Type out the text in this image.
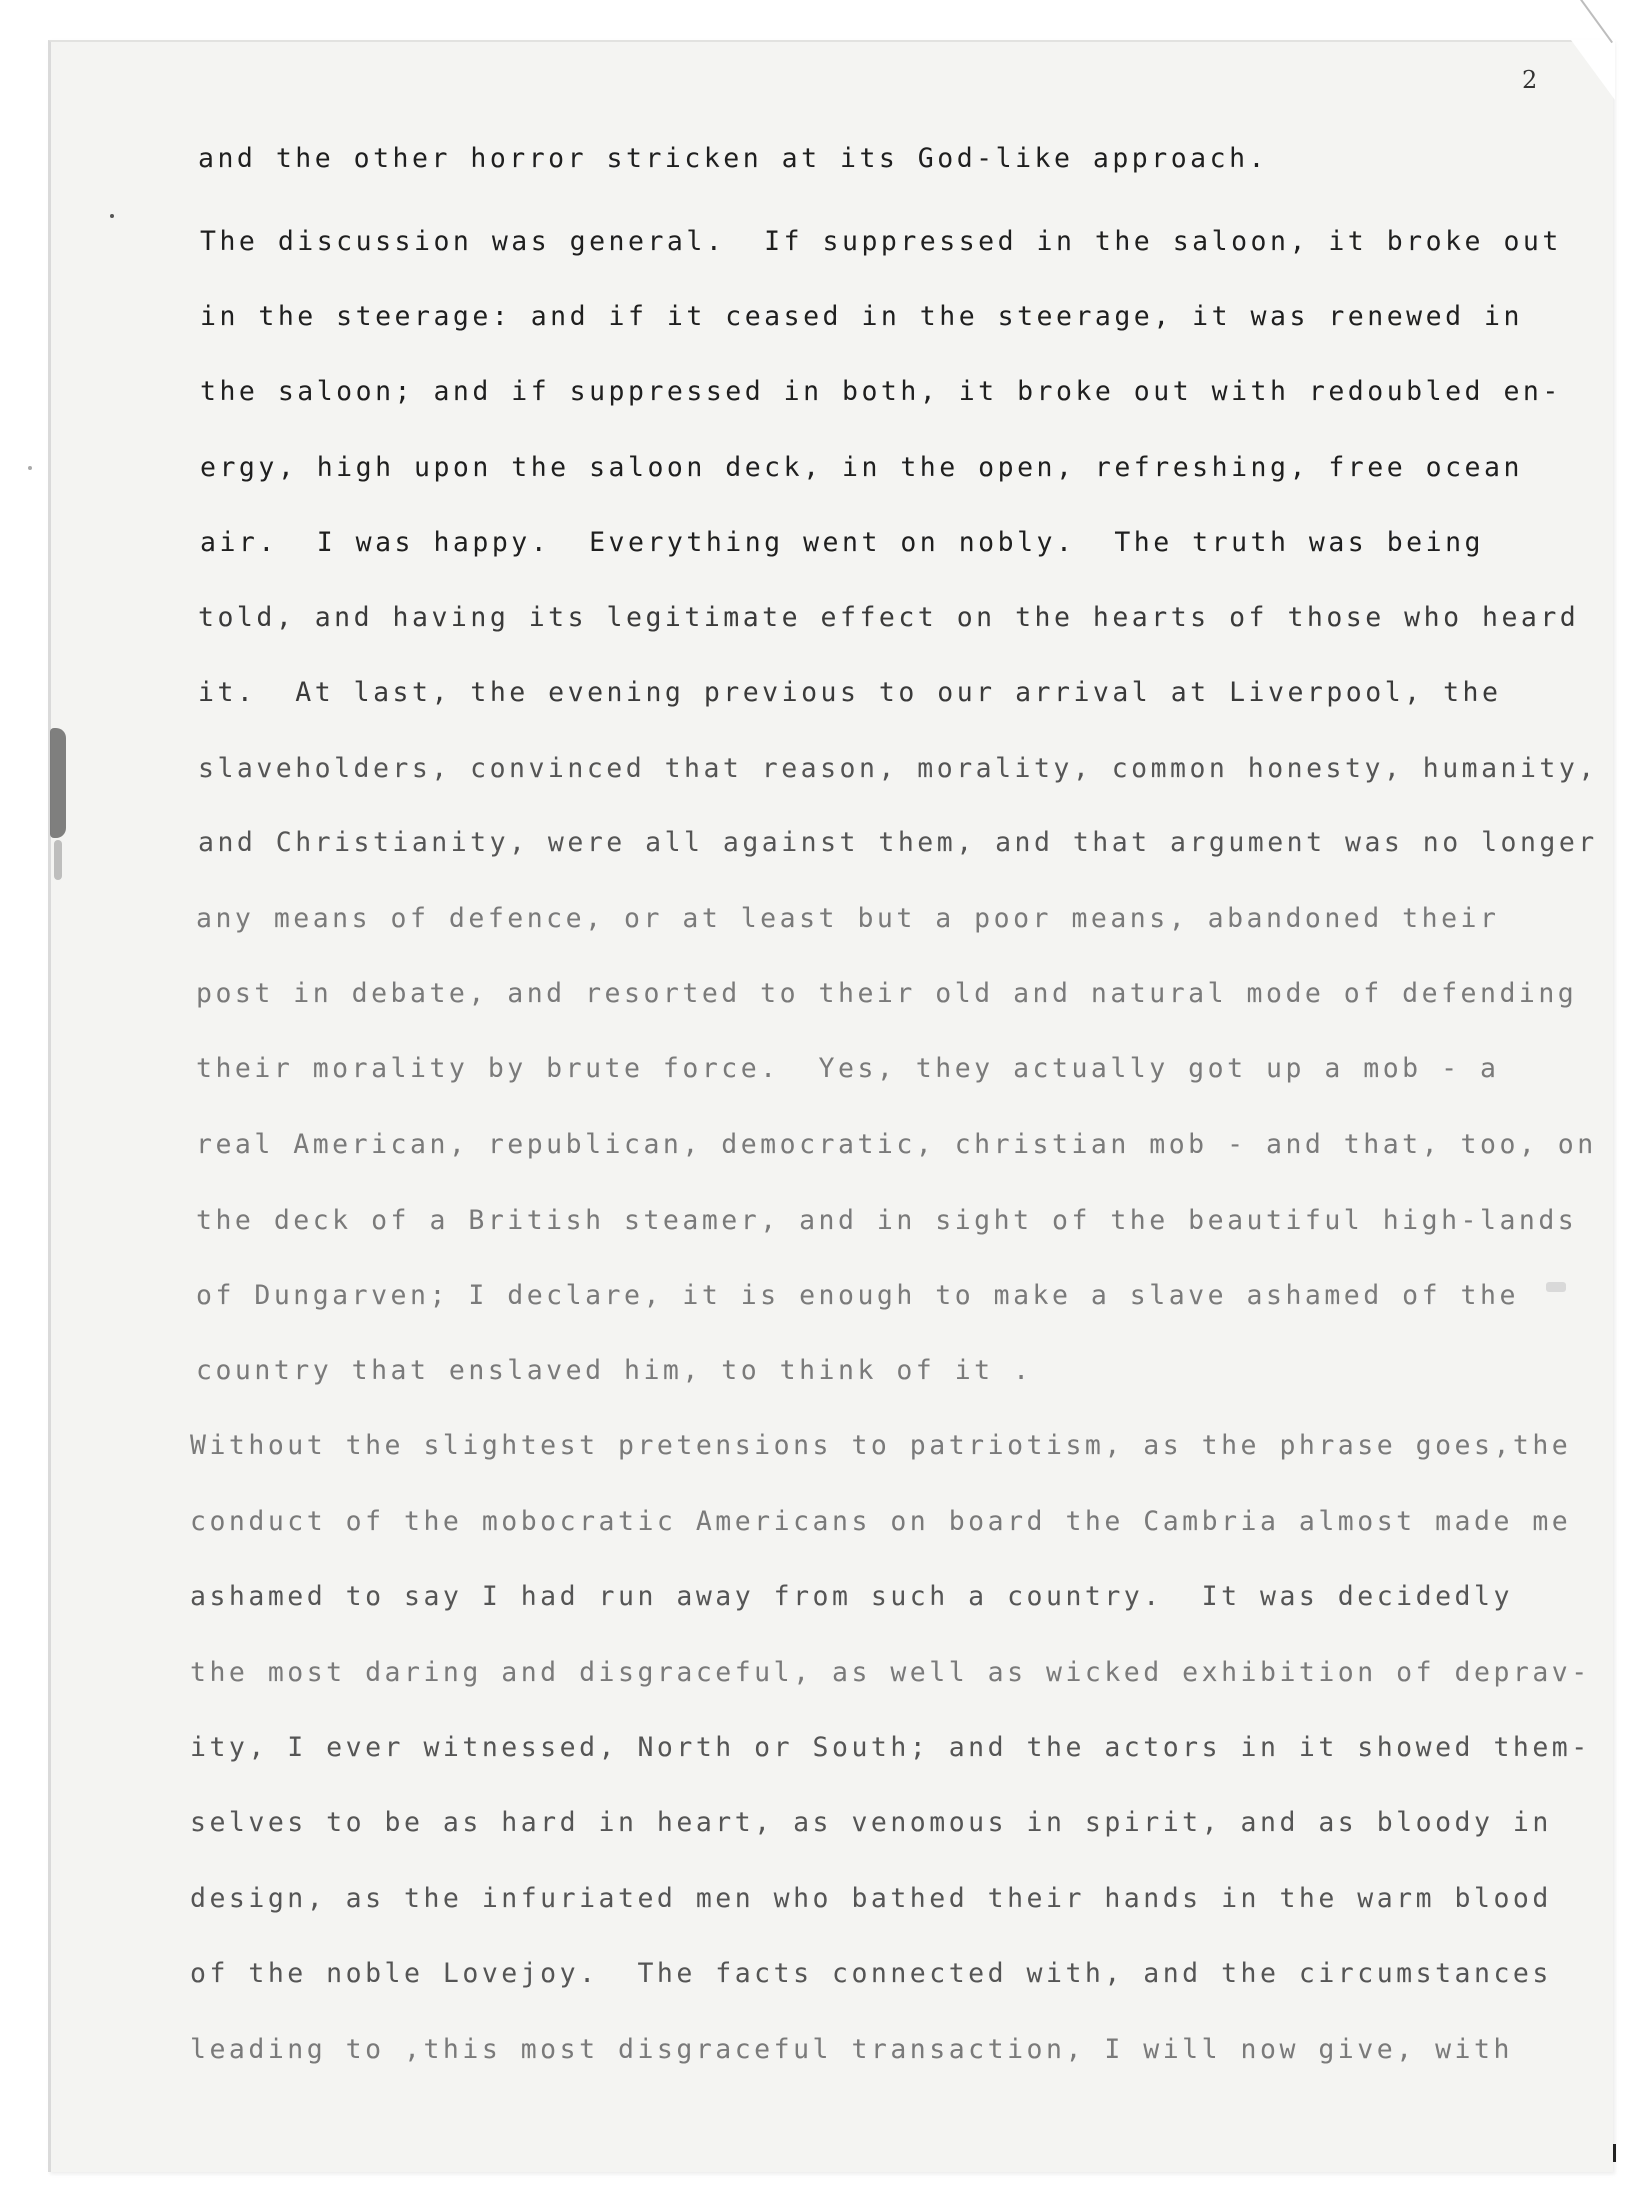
2

and the other horror stricken at its God-like approach.

The discussion was general.  If suppressed in the saloon, it broke out

in the steerage: and if it ceased in the steerage, it was renewed in

the saloon; and if suppressed in both, it broke out with redoubled en-

ergy, high upon the saloon deck, in the open, refreshing, free ocean

air.  I was happy.  Everything went on nobly.  The truth was being

told, and having its legitimate effect on the hearts of those who heard

it.  At last, the evening previous to our arrival at Liverpool, the

slaveholders, convinced that reason, morality, common honesty, humanity,

and Christianity, were all against them, and that argument was no longer

any means of defence, or at least but a poor means, abandoned their

post in debate, and resorted to their old and natural mode of defending

their morality by brute force.  Yes, they actually got up a mob - a

real American, republican, democratic, christian mob - and that, too, on

the deck of a British steamer, and in sight of the beautiful high-lands

of Dungarven; I declare, it is enough to make a slave ashamed of the

country that enslaved him, to think of it .

Without the slightest pretensions to patriotism, as the phrase goes,the

conduct of the mobocratic Americans on board the Cambria almost made me

ashamed to say I had run away from such a country.  It was decidedly

the most daring and disgraceful, as well as wicked exhibition of deprav-

ity, I ever witnessed, North or South; and the actors in it showed them-

selves to be as hard in heart, as venomous in spirit, and as bloody in

design, as the infuriated men who bathed their hands in the warm blood

of the noble Lovejoy.  The facts connected with, and the circumstances

leading to ,this most disgraceful transaction, I will now give, with
